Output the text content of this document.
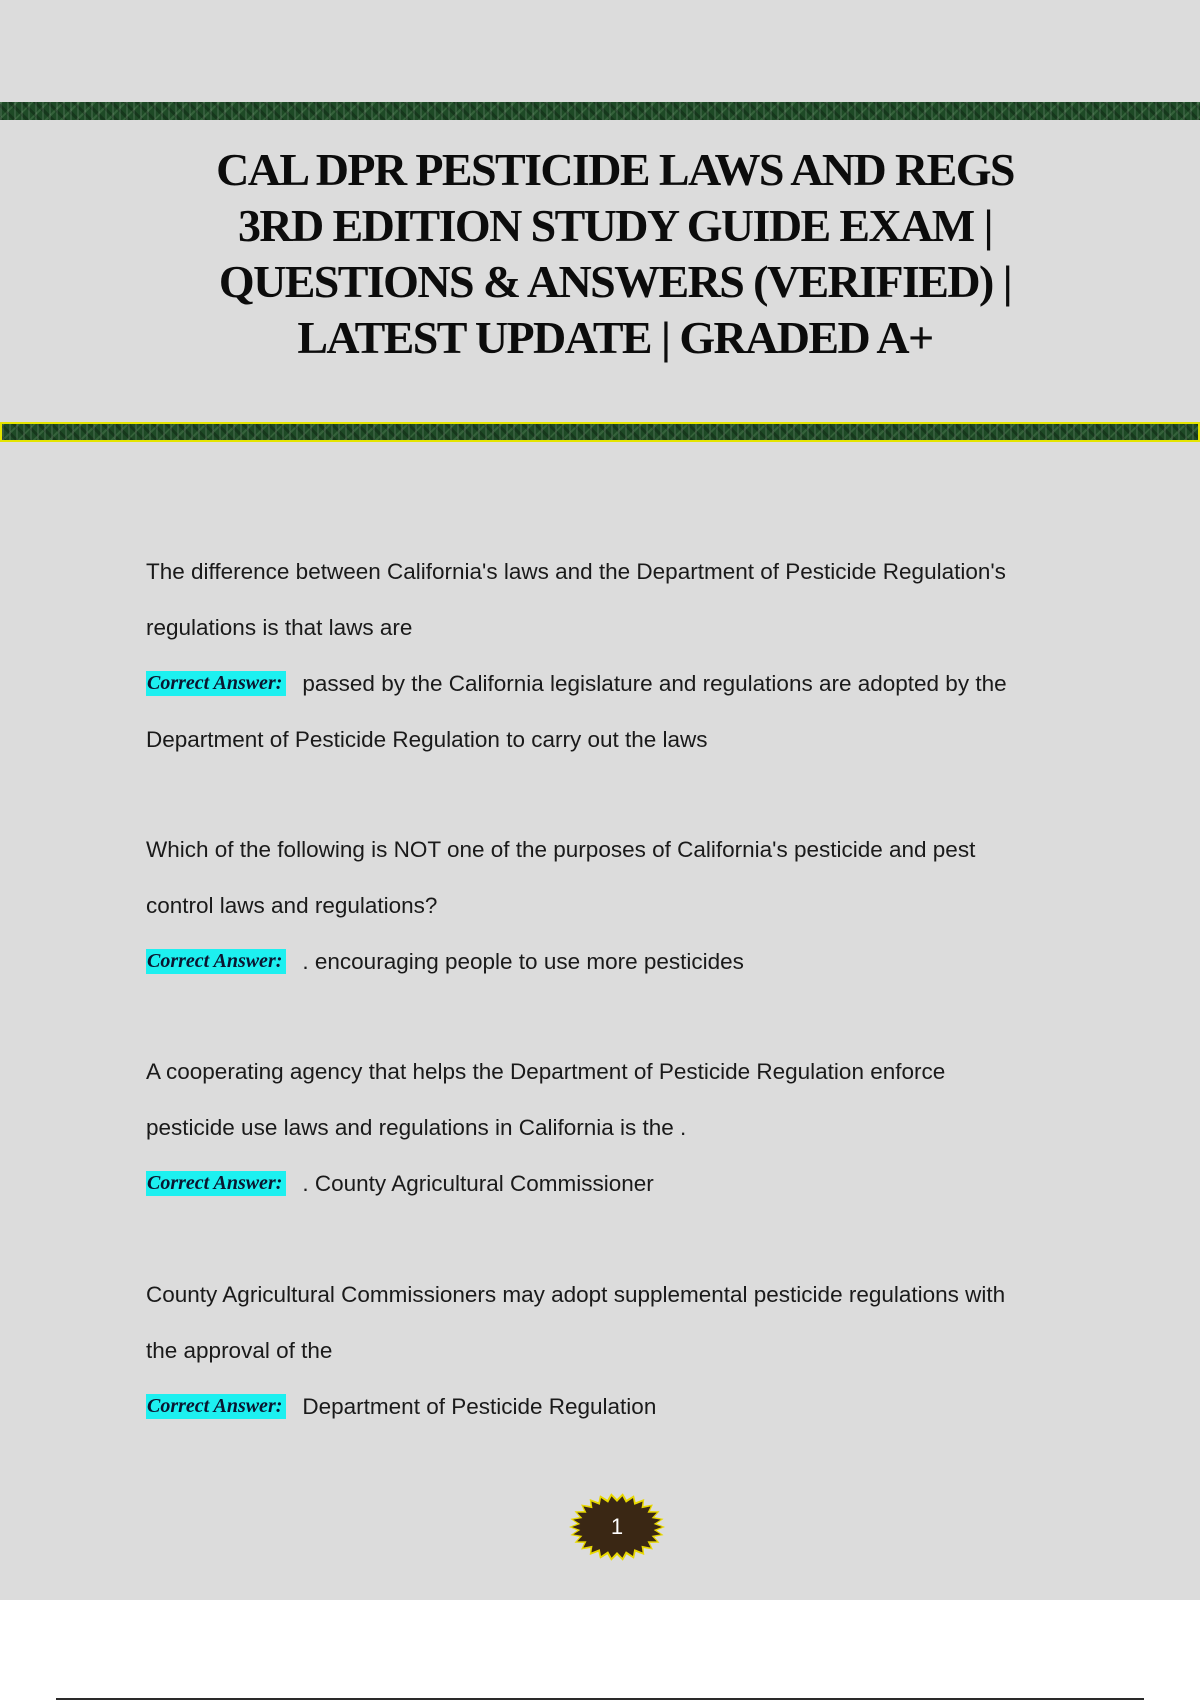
CAL DPR PESTICIDE LAWS AND REGS
3RD EDITION STUDY GUIDE EXAM |
QUESTIONS & ANSWERS (VERIFIED) |
LATEST UPDATE | GRADED A+

The difference between California's laws and the Department of Pesticide Regulation's
regulations is that laws are

Correct Answer: passed by the California legislature and regulations are adopted by the
Department of Pesticide Regulation to carry out the laws

Which of the following is NOT one of the purposes of California's pesticide and pest
control laws and regulations?

Correct Answer: . encouraging people to use more pesticides

A cooperating agency that helps the Department of Pesticide Regulation enforce
pesticide use laws and regulations in California is the .

Correct Answer: . County Agricultural Commissioner

County Agricultural Commissioners may adopt supplemental pesticide regulations with
the approval of the

Correct Answer: Department of Pesticide Regulation

1
